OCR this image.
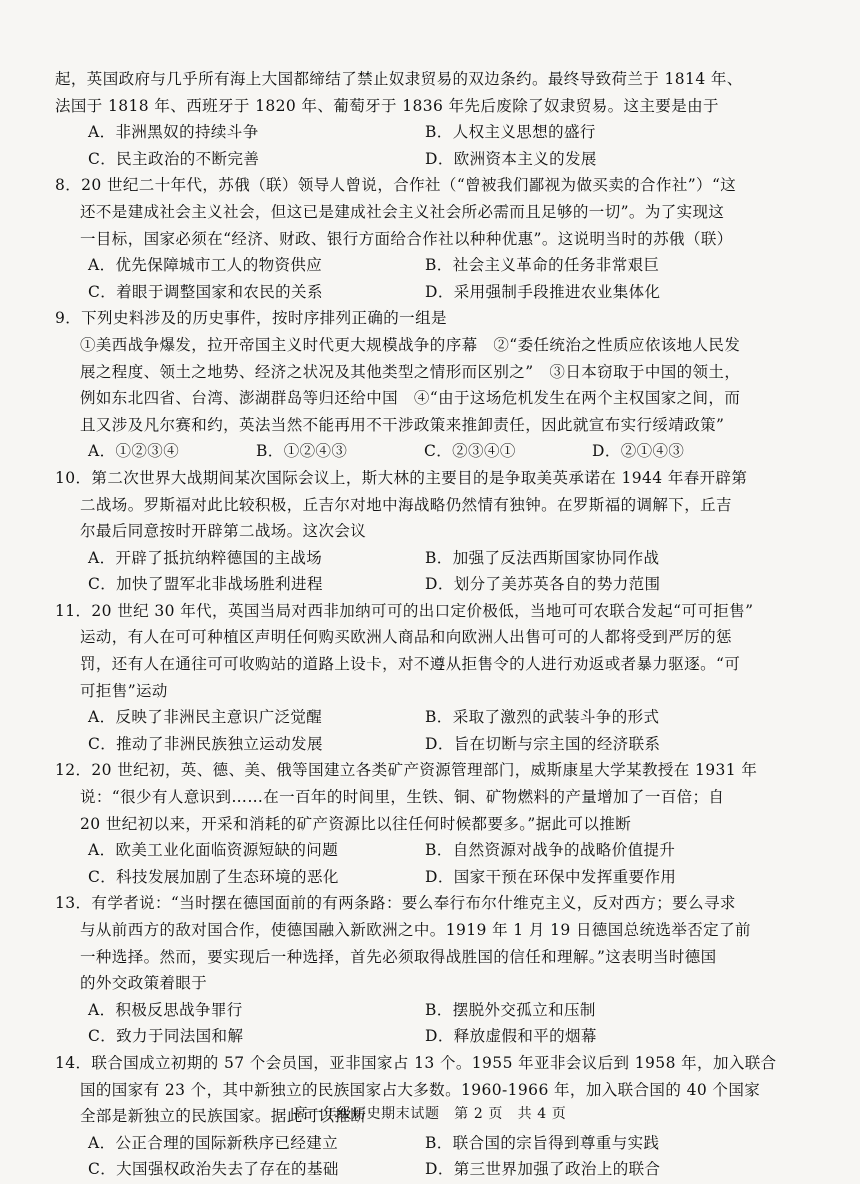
起，英国政府与几乎所有海上大国都缔结了禁止奴隶贸易的双边条约。最终导致荷兰于 1814 年、
法国于 1818 年、西班牙于 1820 年、葡萄牙于 1836 年先后废除了奴隶贸易。这主要是由于
A．非洲黑奴的持续斗争	B．人权主义思想的盛行
C．民主政治的不断完善	D．欧洲资本主义的发展
8．20 世纪二十年代，苏俄（联）领导人曾说，合作社（“曾被我们鄙视为做买卖的合作社”）“这
还不是建成社会主义社会，但这已是建成社会主义社会所必需而且足够的一切”。为了实现这
一目标，国家必须在“经济、财政、银行方面给合作社以种种优惠”。这说明当时的苏俄（联）
A．优先保障城市工人的物资供应	B．社会主义革命的任务非常艰巨
C．着眼于调整国家和农民的关系	D．采用强制手段推进农业集体化
9．下列史料涉及的历史事件，按时序排列正确的一组是
①美西战争爆发，拉开帝国主义时代更大规模战争的序幕　②“委任统治之性质应依该地人民发
展之程度、领土之地势、经济之状况及其他类型之情形而区别之”　③日本窃取于中国的领土，
例如东北四省、台湾、澎湖群岛等归还给中国　④“由于这场危机发生在两个主权国家之间，而
且又涉及凡尔赛和约，英法当然不能再用不干涉政策来推卸责任，因此就宣布实行绥靖政策”
A．①②③④	B．①②④③	C．②③④①	D．②①④③
10．第二次世界大战期间某次国际会议上，斯大林的主要目的是争取美英承诺在 1944 年春开辟第
二战场。罗斯福对此比较积极，丘吉尔对地中海战略仍然情有独钟。在罗斯福的调解下，丘吉
尔最后同意按时开辟第二战场。这次会议
A．开辟了抵抗纳粹德国的主战场	B．加强了反法西斯国家协同作战
C．加快了盟军北非战场胜利进程	D．划分了美苏英各自的势力范围
11．20 世纪 30 年代，英国当局对西非加纳可可的出口定价极低，当地可可农联合发起“可可拒售”
运动，有人在可可种植区声明任何购买欧洲人商品和向欧洲人出售可可的人都将受到严厉的惩
罚，还有人在通往可可收购站的道路上设卡，对不遵从拒售令的人进行劝返或者暴力驱逐。“可
可拒售”运动
A．反映了非洲民主意识广泛觉醒	B．采取了激烈的武装斗争的形式
C．推动了非洲民族独立运动发展	D．旨在切断与宗主国的经济联系
12．20 世纪初，英、德、美、俄等国建立各类矿产资源管理部门，威斯康星大学某教授在 1931 年
说：“很少有人意识到……在一百年的时间里，生铁、铜、矿物燃料的产量增加了一百倍；自
20 世纪初以来，开采和消耗的矿产资源比以往任何时候都要多。”据此可以推断
A．欧美工业化面临资源短缺的问题	B．自然资源对战争的战略价值提升
C．科技发展加剧了生态环境的恶化	D．国家干预在环保中发挥重要作用
13．有学者说：“当时摆在德国面前的有两条路：要么奉行布尔什维克主义，反对西方；要么寻求
与从前西方的敌对国合作，使德国融入新欧洲之中。1919 年 1 月 19 日德国总统选举否定了前
一种选择。然而，要实现后一种选择，首先必须取得战胜国的信任和理解。”这表明当时德国
的外交政策着眼于
A．积极反思战争罪行	B．摆脱外交孤立和压制
C．致力于同法国和解	D．释放虚假和平的烟幕
14．联合国成立初期的 57 个会员国，亚非国家占 13 个。1955 年亚非会议后到 1958 年，加入联合
国的国家有 23 个，其中新独立的民族国家占大多数。1960-1966 年，加入联合国的 40 个国家
全部是新独立的民族国家。据此可以推断
A．公正合理的国际新秩序已经建立	B．联合国的宗旨得到尊重与实践
C．大国强权政治失去了存在的基础	D．第三世界加强了政治上的联合
高一年级历史期末试题　第 2 页　共 4 页
